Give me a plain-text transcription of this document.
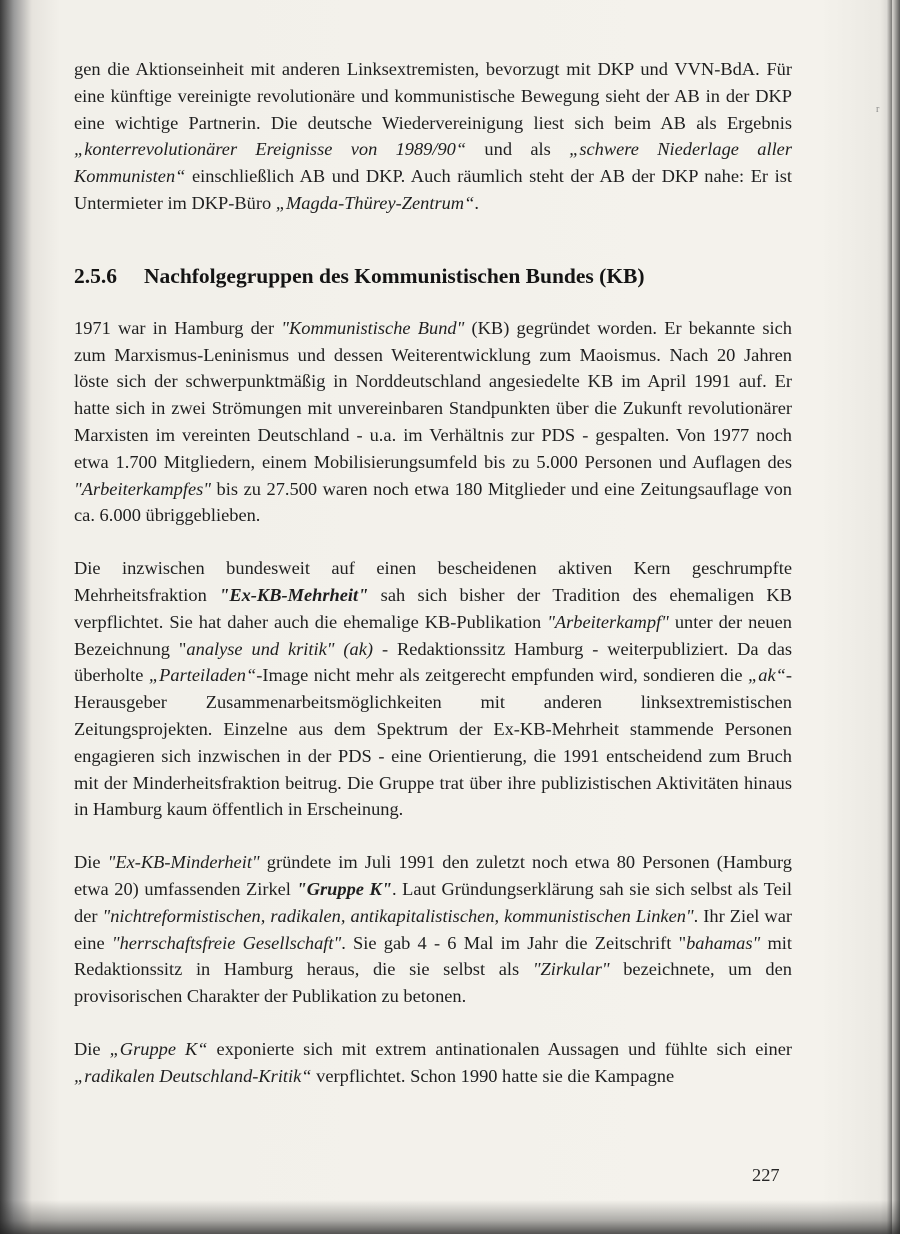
r

gen die Aktionseinheit mit anderen Linksextremisten, bevorzugt mit DKP und VVN-BdA. Für eine künftige vereinigte revolutionäre und kommunistische Bewegung sieht der AB in der DKP eine wichtige Partnerin. Die deutsche Wiedervereinigung liest sich beim AB als Ergebnis „konterrevolutionärer Ereignisse von 1989/90“ und als „schwere Niederlage aller Kommunisten“ einschließlich AB und DKP. Auch räumlich steht der AB der DKP nahe: Er ist Untermieter im DKP-Büro „Magda-Thürey-Zentrum“.

2.5.6 Nachfolgegruppen des Kommunistischen Bundes (KB)

1971 war in Hamburg der "Kommunistische Bund" (KB) gegründet worden. Er bekannte sich zum Marxismus-Leninismus und dessen Weiterentwicklung zum Maoismus. Nach 20 Jahren löste sich der schwerpunktmäßig in Norddeutschland angesiedelte KB im April 1991 auf. Er hatte sich in zwei Strömungen mit unvereinbaren Standpunkten über die Zukunft revolutionärer Marxisten im vereinten Deutschland - u.a. im Verhältnis zur PDS - gespalten. Von 1977 noch etwa 1.700 Mitgliedern, einem Mobilisierungsumfeld bis zu 5.000 Personen und Auflagen des "Arbeiterkampfes" bis zu 27.500 waren noch etwa 180 Mitglieder und eine Zeitungsauflage von ca. 6.000 übriggeblieben.

Die inzwischen bundesweit auf einen bescheidenen aktiven Kern geschrumpfte Mehrheitsfraktion "Ex-KB-Mehrheit" sah sich bisher der Tradition des ehemaligen KB verpflichtet. Sie hat daher auch die ehemalige KB-Publikation "Arbeiterkampf" unter der neuen Bezeichnung "analyse und kritik" (ak) - Redaktionssitz Hamburg - weiterpubliziert. Da das überholte „Parteiladen“-Image nicht mehr als zeitgerecht empfunden wird, sondieren die „ak“-Herausgeber Zusammenarbeitsmöglichkeiten mit anderen linksextremistischen Zeitungsprojekten. Einzelne aus dem Spektrum der Ex-KB-Mehrheit stammende Personen engagieren sich inzwischen in der PDS - eine Orientierung, die 1991 entscheidend zum Bruch mit der Minderheitsfraktion beitrug. Die Gruppe trat über ihre publizistischen Aktivitäten hinaus in Hamburg kaum öffentlich in Erscheinung.

Die "Ex-KB-Minderheit" gründete im Juli 1991 den zuletzt noch etwa 80 Personen (Hamburg etwa 20) umfassenden Zirkel "Gruppe K". Laut Gründungserklärung sah sie sich selbst als Teil der "nichtreformistischen, radikalen, antikapitalistischen, kommunistischen Linken". Ihr Ziel war eine "herrschaftsfreie Gesellschaft". Sie gab 4 - 6 Mal im Jahr die Zeitschrift "bahamas" mit Redaktionssitz in Hamburg heraus, die sie selbst als "Zirkular" bezeichnete, um den provisorischen Charakter der Publikation zu betonen.

Die „Gruppe K“ exponierte sich mit extrem antinationalen Aussagen und fühlte sich einer „radikalen Deutschland-Kritik“ verpflichtet. Schon 1990 hatte sie die Kampagne

227
